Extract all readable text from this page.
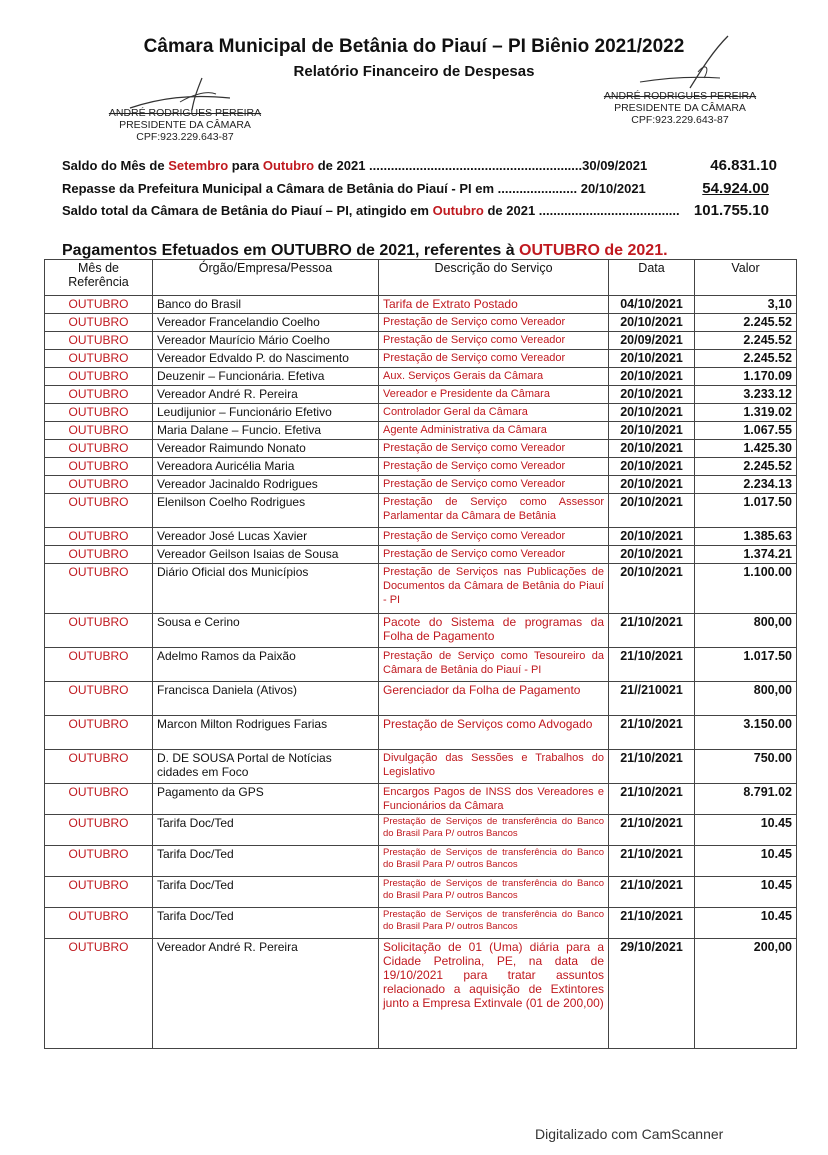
Câmara Municipal de Betânia do Piauí – PI Biênio 2021/2022
Relatório Financeiro de Despesas
ANDRÉ RODRIGUES PEREIRA
PRESIDENTE DA CÂMARA
CPF:923.229.643-87
ANDRÉ RODRIGUES PEREIRA
PRESIDENTE DA CÂMARA
CPF:923.229.643-87
Saldo do Mês de Setembro para Outubro de 2021 ...........................................................30/09/2021	46.831.10
Repasse da Prefeitura Municipal a Câmara de Betânia do Piauí - PI em ...................... 20/10/2021	54.924.00
Saldo total da Câmara de Betânia do Piauí – PI, atingido em Outubro de 2021 ....................................... 101.755.10
Pagamentos Efetuados em OUTUBRO de 2021, referentes à OUTUBRO de 2021.
Mês de Referência	Órgão/Empresa/Pessoa	Descrição do Serviço	Data	Valor
OUTUBRO	Banco do Brasil	Tarifa de Extrato Postado	04/10/2021	3,10
OUTUBRO	Vereador Francelandio Coelho	Prestação de Serviço como Vereador	20/10/2021	2.245.52
OUTUBRO	Vereador Maurício Mário Coelho	Prestação de Serviço como Vereador	20/09/2021	2.245.52
OUTUBRO	Vereador Edvaldo P. do Nascimento	Prestação de Serviço como Vereador	20/10/2021	2.245.52
OUTUBRO	Deuzenir – Funcionária. Efetiva	Aux. Serviços Gerais da Câmara	20/10/2021	1.170.09
OUTUBRO	Vereador André R. Pereira	Vereador e Presidente da Câmara	20/10/2021	3.233.12
OUTUBRO	Leudijunior – Funcionário Efetivo	Controlador Geral da Câmara	20/10/2021	1.319.02
OUTUBRO	Maria Dalane – Funcio. Efetiva	Agente Administrativa da Câmara	20/10/2021	1.067.55
OUTUBRO	Vereador Raimundo Nonato	Prestação de Serviço como Vereador	20/10/2021	1.425.30
OUTUBRO	Vereadora Auricélia Maria	Prestação de Serviço como Vereador	20/10/2021	2.245.52
OUTUBRO	Vereador Jacinaldo Rodrigues	Prestação de Serviço como Vereador	20/10/2021	2.234.13
OUTUBRO	Elenilson Coelho Rodrigues	Prestação de Serviço como Assessor Parlamentar da Câmara de Betânia	20/10/2021	1.017.50
OUTUBRO	Vereador José Lucas Xavier	Prestação de Serviço como Vereador	20/10/2021	1.385.63
OUTUBRO	Vereador Geilson Isaias de Sousa	Prestação de Serviço como Vereador	20/10/2021	1.374.21
OUTUBRO	Diário Oficial dos Municípios	Prestação de Serviços nas Publicações de Documentos da Câmara de Betânia do Piauí - PI	20/10/2021	1.100.00
OUTUBRO	Sousa e Cerino	Pacote do Sistema de programas da Folha de Pagamento	21/10/2021	800,00
OUTUBRO	Adelmo Ramos da Paixão	Prestação de Serviço como Tesoureiro da Câmara de Betânia do Piauí - PI	21/10/2021	1.017.50
OUTUBRO	Francisca Daniela (Ativos)	Gerenciador da Folha de Pagamento	21//210021	800,00
OUTUBRO	Marcon Milton Rodrigues Farias	Prestação de Serviços como Advogado	21/10/2021	3.150.00
OUTUBRO	D. DE SOUSA Portal de Notícias cidades em Foco	Divulgação das Sessões e Trabalhos do Legislativo	21/10/2021	750.00
OUTUBRO	Pagamento da GPS	Encargos Pagos de INSS dos Vereadores e Funcionários da Câmara	21/10/2021	8.791.02
OUTUBRO	Tarifa Doc/Ted	Prestação de Serviços de transferência do Banco do Brasil Para P/ outros Bancos	21/10/2021	10.45
OUTUBRO	Tarifa Doc/Ted	Prestação de Serviços de transferência do Banco do Brasil Para P/ outros Bancos	21/10/2021	10.45
OUTUBRO	Tarifa Doc/Ted	Prestação de Serviços de transferência do Banco do Brasil Para P/ outros Bancos	21/10/2021	10.45
OUTUBRO	Tarifa Doc/Ted	Prestação de Serviços de transferência do Banco do Brasil Para P/ outros Bancos	21/10/2021	10.45
OUTUBRO	Vereador André R. Pereira	Solicitação de 01 (Uma) diária para a Cidade Petrolina, PE, na data de 19/10/2021 para tratar assuntos relacionado a aquisição de Extintores junto a Empresa Extinvale (01 de 200,00)	29/10/2021	200,00
Digitalizado com CamScanner
